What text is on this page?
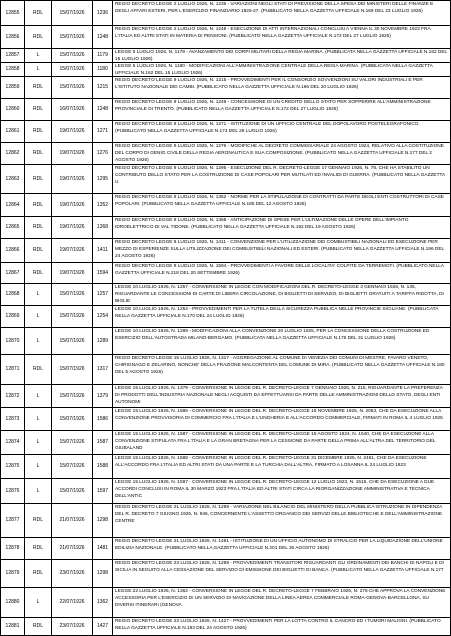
12855	RDL	15/07/1926	1236
REGIO DECRETO LEGGE 2 LUGLIO 1926, N. 1236 - VARIAZIONI NEGLI STATI DI PREVISIONE DELLA SPESA DEI MINISTERI DELLE FINANZE E DEGLI AFFARI ESTERI, PER L'ESERCIZIO FINANZIARIO 1926-27. (PUBBLICATO NELLA GAZZETTA UFFICIALE N.169 DEL 23 LUGLIO 1926)
12856	RDL	15/07/1926	1248
REGIO DECRETO LEGGE 2 LUGLIO 1926, N. 1248 - ESECUZIONE DI ATTI INTERNAZIONALI CONCLUSI A VIENNA IL 30 NOVEMBRE 1923 FRA L'ITALIA ED ALTRI STATI IN MATERIA DI PENSIONI. (PUBBLICATO NELLA GAZZETTA UFFICIALE N.172 DEL 27 LUGLIO 1926)
12857	L	15/07/1926	1179	LEGGE 5 LUGLIO 1926, N. 1179 - AVANZAMENTO DEI CORPI MILITARI DELLA REGIA MARINA. (PUBBLICATA NELLA GAZZETTA UFFICIALE N.162 DEL 15 LUGLIO 1926)
12858	L	15/07/1926	1180	LEGGE 5 LUGLIO 1926, N. 1180 - MODIFICAZIONI ALL'AMMINISTRAZIONE CENTRALE DELLA REGIA MARINA. (PUBBLICATA NELLA GAZZETTA UFFICIALE N.162 DEL 15 LUGLIO 1926)
12859	RDL	15/07/1926	1215
REGIO DECRETO LEGGE 9 LUGLIO 1926, N. 1215 - PROVVEDIMENTI PER IL CONSORZIO SOVVENZIONI SU VALORI INDUSTRIALI E PER L'ISTITUTO NAZIONALE DEI CAMBI. (PUBBLICATO NELLA GAZZETTA UFFICIALE N.166 DEL 20 LUGLIO 1926)
12860	RDL	16/07/1926	1248
REGIO DECRETO LEGGE 9 LUGLIO 1926, N. 1248 - CONCESSIONE DI UN CREDITO DELLO STATO PER SOPPERIRE ALL'AMMINISTRAZIONE PROVINCIALE DI TRENTO. (PUBBLICATO NELLA GAZZETTA UFFICIALE N.172 DEL 27 LUGLIO 1926)
12861	RDL	19/07/1926	1271
REGIO DECRETO LEGGE 9 LUGLIO 1926, N. 1271 - ISTITUZIONE DI UN UFFICIO CENTRALE DEL DOPOLAVORO POSTELEGRAFONICO. (PUBBLICATO NELLA GAZZETTA UFFICIALE N.174 DEL 29 LUGLIO 1926)
12862	RDL	19/07/1926	1276
REGIO DECRETO LEGGE 9 LUGLIO 1926, N. 1276 - MODIFICHE AL DECRETO COMMISSARIALE 24 AGOSTO 1924, RELATIVO ALLA COSTITUZIONE DEL CORPO DI GENIO CIVILE DELLA REGIA AERONAUTICA E SUA COMPOSIZIONE. (PUBBLICATO NELLA GAZZETTA UFFICIALE N.177 DEL 2 AGOSTO 1926)
12863	RDL	19/07/1926	1295
REGIO DECRETO LEGGE 9 LUGLIO 1926, N. 1295 - ESECUZIONE DEL R. DECRETO-LEGGE 17 GENNAIO 1926, N. 78, CHE HA STABILITO UN CONTRIBUTO DELLO STATO PER LA COSTRUZIONE DI CASE POPOLARI PER MUTILATI ED INVALIDI DI GUERRA. (PUBBLICATO NELLA GAZZETTA U
12864	RDL	19/07/1926	1352
REGIO DECRETO LEGGE 9 LUGLIO 1926, N. 1352 - NORME PER LA STIPULAZIONE DI CONTRATTI DA PARTE DEGLI ENTI COSTRUTTORI DI CASE POPOLARI. (PUBBLICATO NELLA GAZZETTA UFFICIALE N.185 DEL 12 AGOSTO 1926)
12865	RDL	19/07/1926	1368
REGIO DECRETO LEGGE 9 LUGLIO 1926, N. 1368 - ANTICIPAZIONE DI SPESE PER L'ULTIMAZIONE DELLE OPERE DELL'IMPIANTO IDROELETTRICO DI VAL TIDONE. (PUBBLICATO NELLA GAZZETTA UFFICIALE N.192 DEL 19 AGOSTO 1926)
12866	RDL	19/07/1926	1411
REGIO DECRETO LEGGE 9 LUGLIO 1926, N. 1411 - CONVENZIONE PER L'UTILIZZAZIONE DEI COMBUSTIBILI NAZIONALI ED ESECUZIONE PER MEZZO DI ESPERIENZE SULLA UTILIZZAZIONE DEI COMBUSTIBILI NAZIONALI ED ESTERI. (PUBBLICATO NELLA GAZZETTA UFFICIALE N.196 DEL 24 AGOSTO 1926)
12867	RDL	19/07/1926	1594
REGIO DECRETO LEGGE 9 LUGLIO 1926, N. 1594 - PROVVEDIMENTI A FAVORE DELLE LOCALITA' COLPITE DA TERREMOTI. (PUBBLICATO NELLA GAZZETTA UFFICIALE N.218 DEL 20 SETTEMBRE 1926)
12868	L	15/07/1926	1257
LEGGE 10 LUGLIO 1926, N. 1257 - CONVERSIONE IN LEGGE CON MODIFICAZIONI DEL R. DECRETO-LEGGE 3 GENNAIO 1926, N. 135, RIGUARDANTE LE CONCESSIONI DI CARTE DI LIBERA CIRCOLAZIONE, DI BIGLIETTI DI SERVIZIO, DI BIGLIETTI GRATUITI A TARIFFA RIDOTTA, DI BIGLIE
12869	L	15/07/1926	1254
LEGGE 10 LUGLIO 1926, N. 1254 - PROVVEDIMENTI PER LA TUTELA DELLA SICUREZZA PUBBLICA NELLE PROVINCIE SICILIANE. (PUBBLICATA NELLA GAZZETTA UFFICIALE N.170 DEL 24 LUGLIO 1926)
12870	L	15/07/1926	1289
LEGGE 10 LUGLIO 1926, N. 1289 - MODIFICAZIONI ALLA CONVENZIONE 20 LUGLIO 1925, PER LA CONCESSIONE DELLA COSTRUZIONE ED ESERCIZIO DELL'AUTOSTRADA MILANO-BERGAMO. (PUBBLICATA NELLA GAZZETTA UFFICIALE N.176 DEL 31 LUGLIO 1926)
12871	RDL	15/07/1926	1317
REGIO DECRETO LEGGE 15 LUGLIO 1926, N. 1317 - AGGREGAZIONE AL COMUNE DI VENEZIA DEI COMUNI DI MESTRE, FAVARO VENETO, CHIRIGNAGO E ZELARINO, NONCHE' DELLA FRAZIONE MALCONTENTA DEL COMUNE DI MIRA. (PUBBLICATO NELLA GAZZETTA UFFICIALE N.180 DEL 5 AGOSTO 1926)
12872	L	15/07/1926	1379
LEGGE 15 LUGLIO 1926, N. 1379 - CONVERSIONE IN LEGGE DEL R. DECRETO-LEGGE 7 GENNAIO 1926, N. 215, RIGUARDANTE LA PREFERENZA DI PRODOTTI DELL'INDUSTRIA NAZIONALE NEGLI ACQUISTI DA EFFETTUARSI DA PARTE DELLE AMMINISTRAZIONI DELLO STATO, DEGLI ENTI AUTONOMI
12873	L	15/07/1926	1586
LEGGE 15 LUGLIO 1926, N. 1586 - CONVERSIONE IN LEGGE DEL R. DECRETO-LEGGE 15 NOVEMBRE 1925, N. 2063, CHE DA ESECUZIONE ALLA CONVENZIONE PROVVISORIA DI COMMERCIO FRA L'ITALIA E L'UNGHERIA E ALL'ACCORDO COMMERCIALE, FIRMATI IN ROMA IL 4 LUGLIO 1925
12874	L	15/07/1926	1587
LEGGE 15 LUGLIO 1926, N. 1587 - CONVERSIONE IN LEGGE DEL R. DECRETO-LEGGE 15 AGOSTO 1924, N. 1540, CHE DA ESECUZIONE ALLA CONVENZIONE STIPULATA FRA L'ITALIA E LA GRAN BRETAGNA PER LA CESSIONE DA PARTE DELLA PRIMA ALL'ALTRA DEL TERRITORIO DEL GIUBALAND
12875	L	15/07/1926	1588
LEGGE 15 LUGLIO 1926, N. 1588 - CONVERSIONE IN LEGGE DEL R. DECRETO-LEGGE 31 DICEMBRE 1925, N. 2451, CHE DA ESECUZIONE ALL'ACCORDO FRA L'ITALIA ED ALTRI STATI DA UNA PARTE E LA TURCHIA DALL'ALTRA, FIRMATO A LOSANNA IL 24 LUGLIO 1923
12876	L	15/07/1926	1597
LEGGE 15 LUGLIO 1926, N. 1597 - CONVERSIONE IN LEGGE DEL R. DECRETO-LEGGE 12 LUGLIO 1923, N. 1515, CHE DA ESECUZIONE A DUE ACCORDI CONCLUSI IN ROMA IL 30 MARZO 1923 FRA L'ITALIA ED ALTRI STATI CIRCA LA RIORGANIZZAZIONE AMMINISTRATIVA E TECNICA DELL'ANTIC
12877	RDL	21/07/1926	1298
REGIO DECRETO LEGGE 21 LUGLIO 1926, N. 1298 - VARIAZIONE NEL BILANCIO DEL MINISTERO DELLA PUBBLICA ISTRUZIONE IN DIPENDENZA DEL R. DECRETO 7 GIUGNO 1926, N. 946, CONCERNENTE L'ASSETTO ORGANICO DEI SERVIZI DELLE BIBLIOTECHE E DELL'AMMINISTRAZIONE CENTRE
12878	RDL	21/07/1926	1481
REGIO DECRETO LEGGE 21 LUGLIO 1926, N. 1481 - ISTITUZIONE DI UN UFFICIO AUTONOMO DI STRALCIO PER LA LIQUIDAZIONE DELL'UNIONE EDILIZIA NAZIONALE. (PUBBLICATO NELLA GAZZETTA UFFICIALE N.201 DEL 30 AGOSTO 1926)
12879	RDL	23/07/1926	1298
REGIO DECRETO LEGGE 23 LUGLIO 1926, N. 1298 - PROVVEDIMENTI TRANSITORI RIGUARDANTI GLI ORDINAMENTI DEI BANCHI DI NAPOLI E DI SICILIA IN SEGUITO ALLA CESSAZIONE DEL SERVIZIO DI EMISSIONE DEI BIGLIETTI DI BANCA. (PUBBLICATO NELLA GAZZETTA UFFICIALE N.177
12880	L	22/07/1926	1362
LEGGE 22 LUGLIO 1926, N. 1362 - CONVERSIONE IN LEGGE DEL R. DECRETO-LEGGE 7 FEBBRAIO 1926, N. 276 CHE APPROVA LA CONVENZIONE ACCESSORIA PER L'ESERCIZIO DI UN SERVIZIO DI NAVIGAZIONE DELLA LINEA AEREA COMMERCIALE ROMA-GENOVA-BARCELLONA, SU DIVERSI ITINERARI (GENOVA
12881	RDL	23/07/1926	1427
REGIO DECRETO LEGGE 23 LUGLIO 1926, N. 1427 - PROVVEDIMENTI PER LA LOTTA CONTRO IL CANCRO ED I TUMORI MALIGNI. (PUBBLICATO NELLA GAZZETTA UFFICIALE N.193 DEL 24 AGOSTO 1926)
